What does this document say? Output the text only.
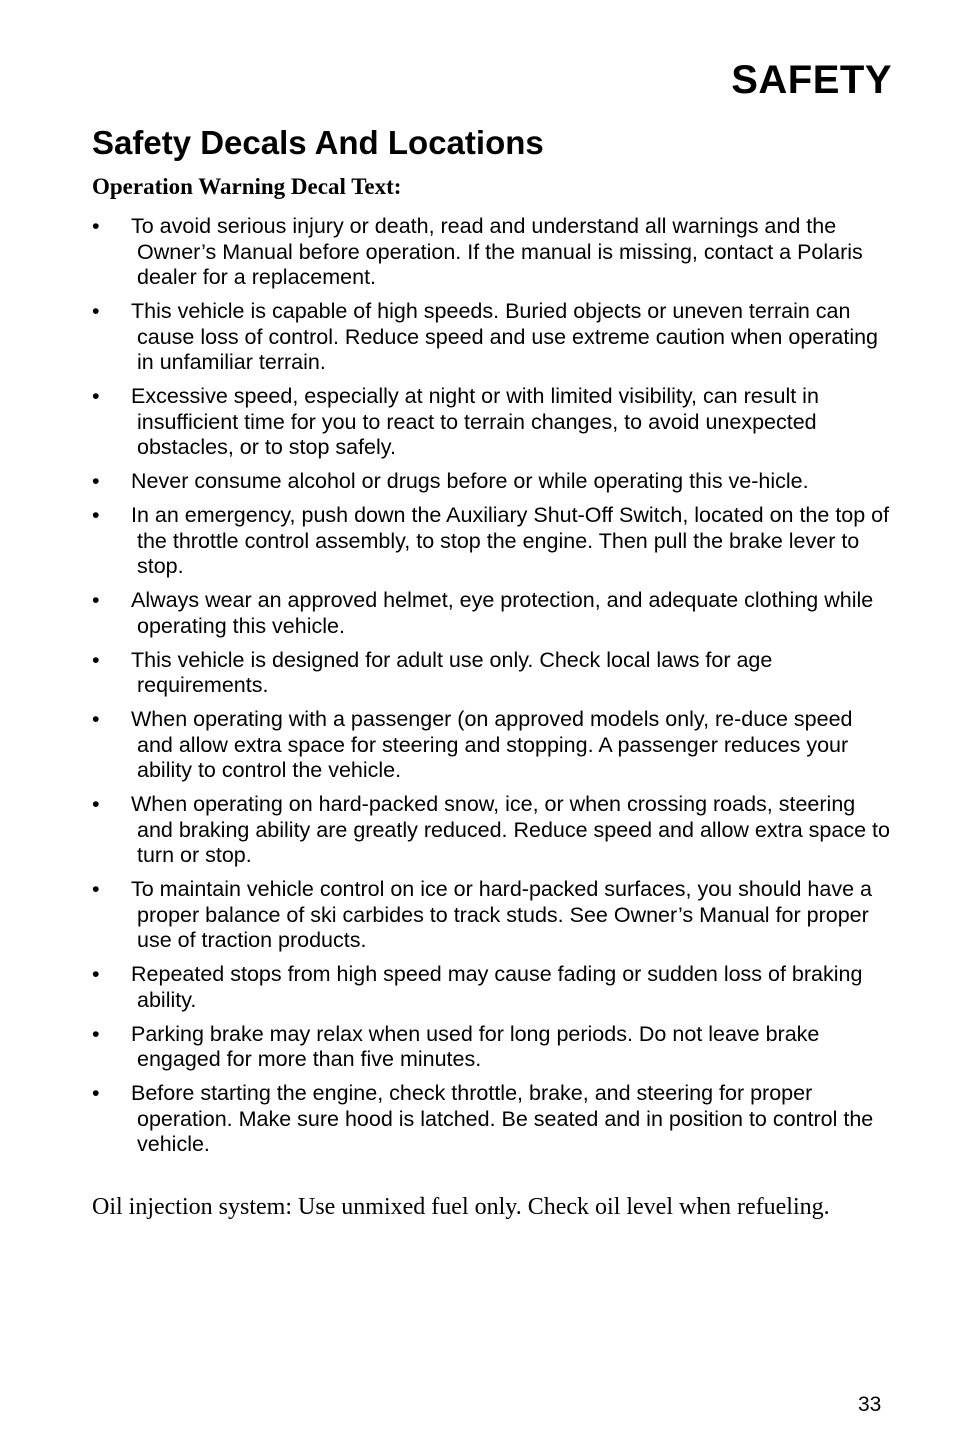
SAFETY
Safety Decals And Locations
Operation Warning Decal Text:
• To avoid serious injury or death, read and understand all warnings and the Owner’s Manual before operation. If the manual is missing, contact a Polaris dealer for a replacement.
• This vehicle is capable of high speeds. Buried objects or uneven terrain can cause loss of control. Reduce speed and use extreme caution when operating in unfamiliar terrain.
• Excessive speed, especially at night or with limited visibility, can result in insufficient time for you to react to terrain changes, to avoid unexpected obstacles, or to stop safely.
• Never consume alcohol or drugs before or while operating this ve-hicle.
• In an emergency, push down the Auxiliary Shut-Off Switch, located on the top of the throttle control assembly, to stop the engine. Then pull the brake lever to stop.
• Always wear an approved helmet, eye protection, and adequate clothing while operating this vehicle.
• This vehicle is designed for adult use only. Check local laws for age requirements.
• When operating with a passenger (on approved models only, re-duce speed and allow extra space for steering and stopping. A passenger reduces your ability to control the vehicle.
• When operating on hard-packed snow, ice, or when crossing roads, steering and braking ability are greatly reduced. Reduce speed and allow extra space to turn or stop.
• To maintain vehicle control on ice or hard-packed surfaces, you should have a proper balance of ski carbides to track studs. See Owner’s Manual for proper use of traction products.
• Repeated stops from high speed may cause fading or sudden loss of braking ability.
• Parking brake may relax when used for long periods. Do not leave brake engaged for more than five minutes.
• Before starting the engine, check throttle, brake, and steering for proper operation. Make sure hood is latched. Be seated and in position to control the vehicle.

Oil injection system: Use unmixed fuel only. Check oil level when refueling.

33
